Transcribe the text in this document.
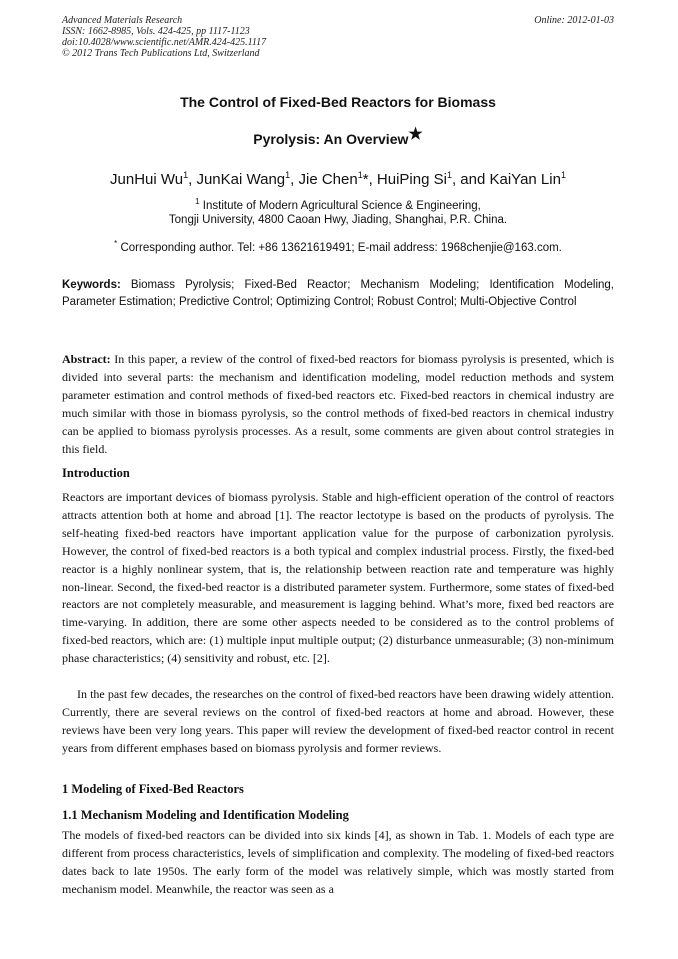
Advanced Materials Research
ISSN: 1662-8985, Vols. 424-425, pp 1117-1123
doi:10.4028/www.scientific.net/AMR.424-425.1117
© 2012 Trans Tech Publications Ltd, Switzerland
Online: 2012-01-03
The Control of Fixed-Bed Reactors for Biomass
Pyrolysis: An Overview★
JunHui Wu$^1$, JunKai Wang$^1$, Jie Chen$^1$*, HuiPing Si$^1$, and KaiYan Lin$^1$
$^1$ Institute of Modern Agricultural Science & Engineering,
Tongji University, 4800 Caoan Hwy, Jiading, Shanghai, P.R. China.
* Corresponding author. Tel: +86 13621619491; E-mail address: 1968chenjie@163.com.
Keywords: Biomass Pyrolysis; Fixed-Bed Reactor; Mechanism Modeling; Identification Modeling, Parameter Estimation; Predictive Control; Optimizing Control; Robust Control; Multi-Objective Control
Abstract: In this paper, a review of the control of fixed-bed reactors for biomass pyrolysis is presented, which is divided into several parts: the mechanism and identification modeling, model reduction methods and system parameter estimation and control methods of fixed-bed reactors etc. Fixed-bed reactors in chemical industry are much similar with those in biomass pyrolysis, so the control methods of fixed-bed reactors in chemical industry can be applied to biomass pyrolysis processes. As a result, some comments are given about control strategies in this field.
Introduction
Reactors are important devices of biomass pyrolysis. Stable and high-efficient operation of the control of reactors attracts attention both at home and abroad [1]. The reactor lectotype is based on the products of pyrolysis. The self-heating fixed-bed reactors have important application value for the purpose of carbonization pyrolysis. However, the control of fixed-bed reactors is a both typical and complex industrial process. Firstly, the fixed-bed reactor is a highly nonlinear system, that is, the relationship between reaction rate and temperature was highly non-linear. Second, the fixed-bed reactor is a distributed parameter system. Furthermore, some states of fixed-bed reactors are not completely measurable, and measurement is lagging behind. What’s more, fixed bed reactors are time-varying. In addition, there are some other aspects needed to be considered as to the control problems of fixed-bed reactors, which are: (1) multiple input multiple output; (2) disturbance unmeasurable; (3) non-minimum phase characteristics; (4) sensitivity and robust, etc. [2].
In the past few decades, the researches on the control of fixed-bed reactors have been drawing widely attention. Currently, there are several reviews on the control of fixed-bed reactors at home and abroad. However, these reviews have been very long years. This paper will review the development of fixed-bed reactor control in recent years from different emphases based on biomass pyrolysis and former reviews.
1 Modeling of Fixed-Bed Reactors
1.1 Mechanism Modeling and Identification Modeling
The models of fixed-bed reactors can be divided into six kinds [4], as shown in Tab. 1. Models of each type are different from process characteristics, levels of simplification and complexity. The modeling of fixed-bed reactors dates back to late 1950s. The early form of the model was relatively simple, which was mostly started from mechanism model. Meanwhile, the reactor was seen as a
